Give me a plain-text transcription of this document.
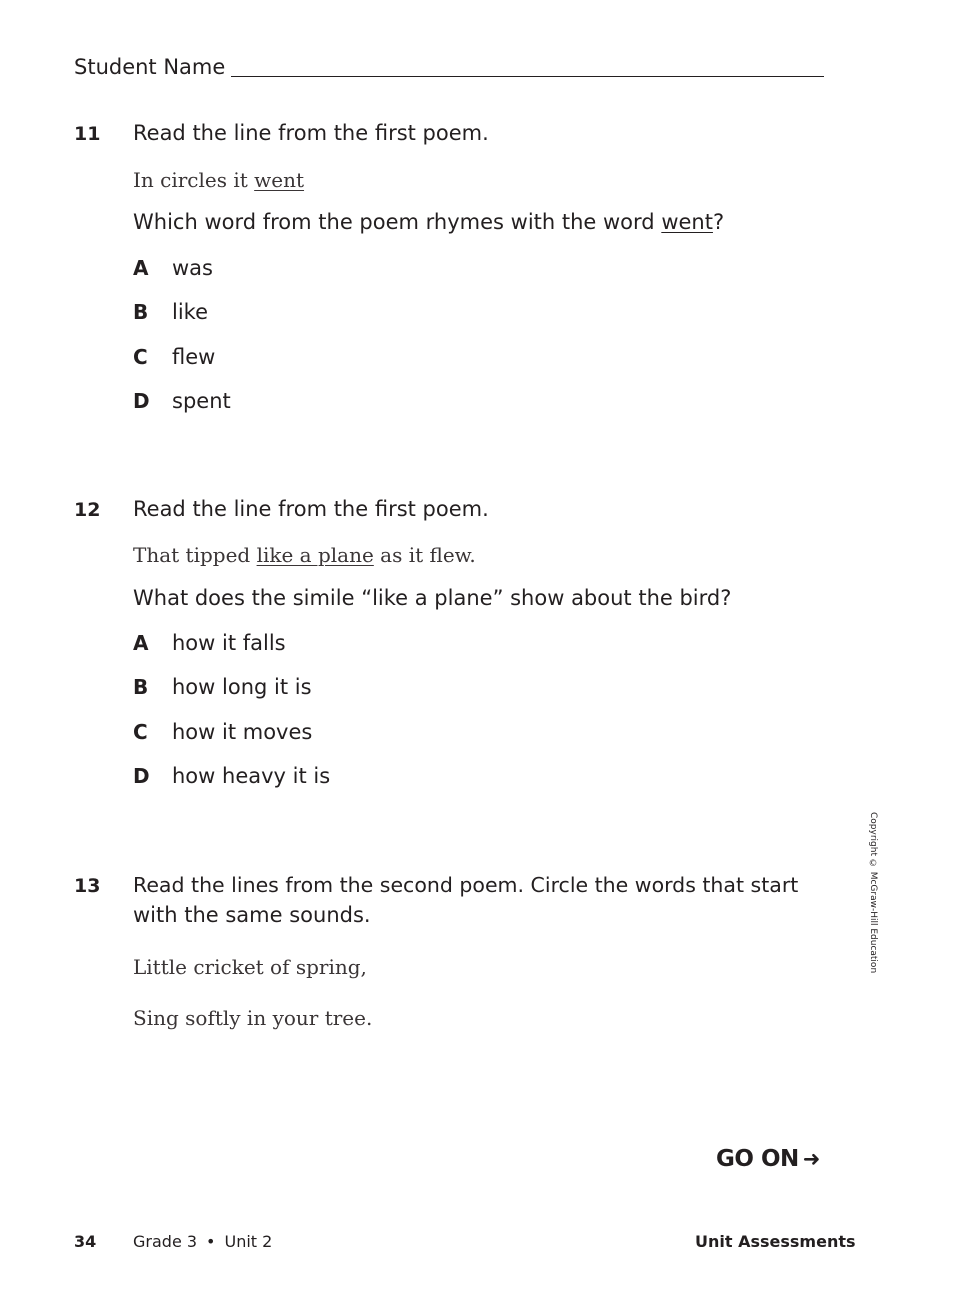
Student Name
11 Read the line from the first poem.
In circles it went
Which word from the poem rhymes with the word went?
A was
B like
C flew
D spent
12 Read the line from the first poem.
That tipped like a plane as it flew.
What does the simile “like a plane” show about the bird?
A how it falls
B how long it is
C how it moves
D how heavy it is
13 Read the lines from the second poem. Circle the words that start
with the same sounds.
Little cricket of spring,
Sing softly in your tree.
Copyright © McGraw-Hill Education
GO ON ➜
34 Grade 3 • Unit 2	Unit Assessments
